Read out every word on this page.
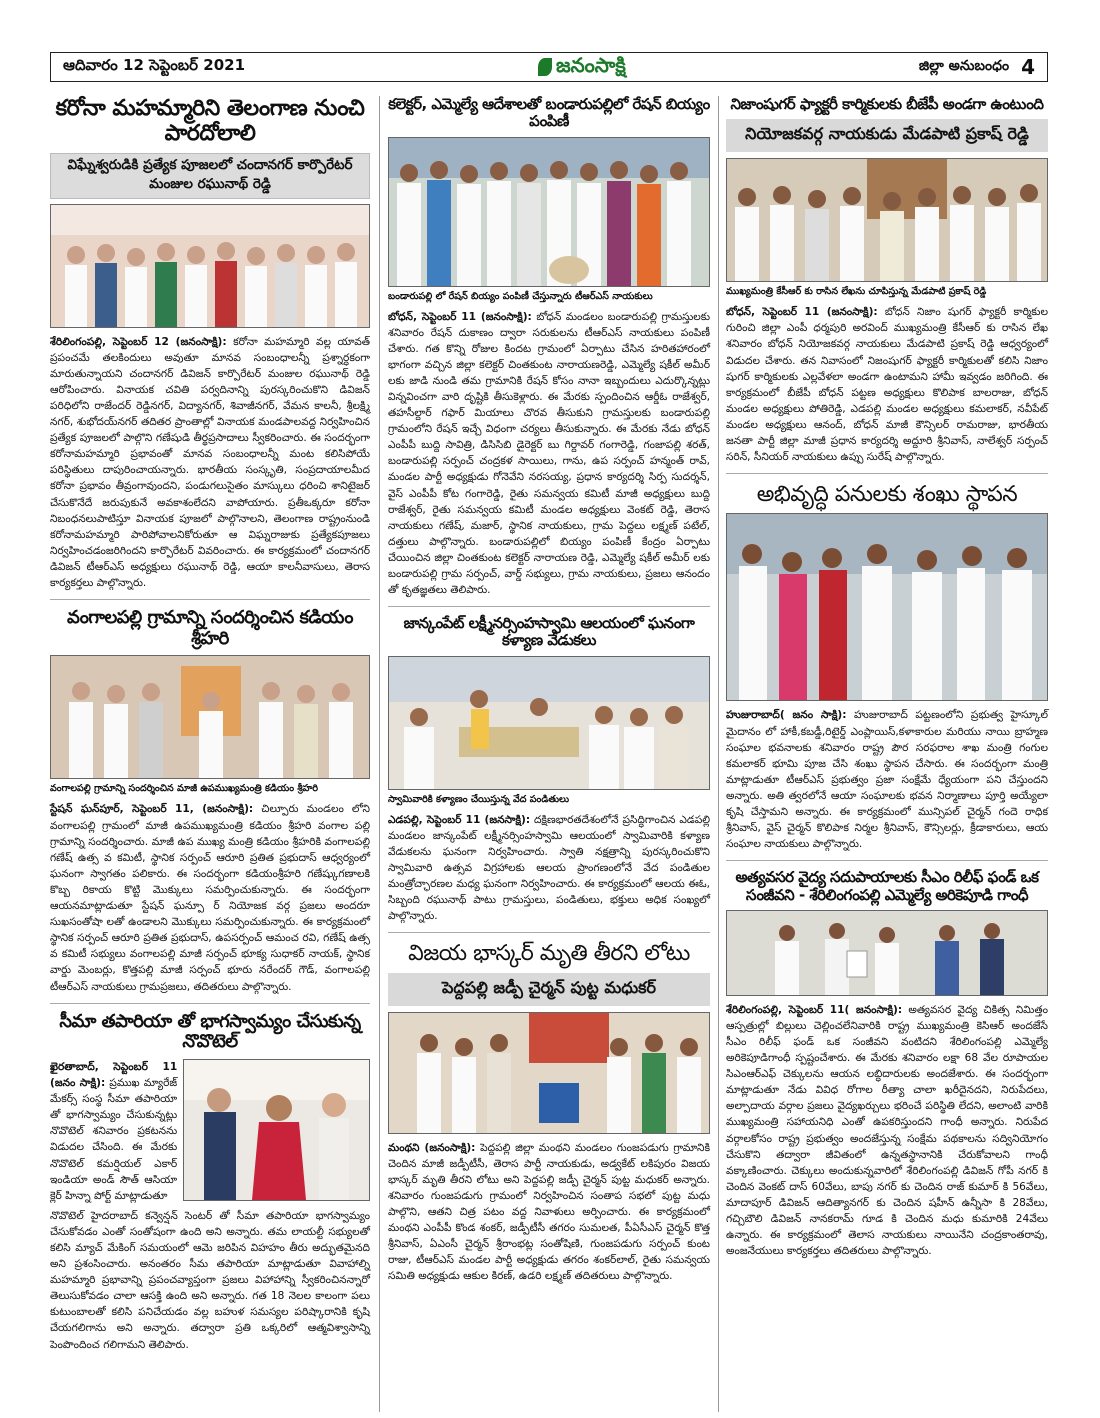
ఆదివారం 12 సెప్టెంబర్ 2021	జనంసాక్షి	జిల్లా అనుబంధం 4
కరోనా మహమ్మారిని తెలంగాణ నుంచి పారదోలాలి
విఘ్నేశ్వరుడికి ప్రత్యేక పూజలలో చందానగర్ కార్పొరేటర్ మంజుల రఘునాథ్ రెడ్డి

శేరిలింగంపల్లి, సెప్టెంబర్ 12 (జనంసాక్షి): కరోనా మహమ్మారి వల్ల యావత్ ప్రపంచమే తలకిందులు అవుతూ మానవ సంబంధాలన్నీ ప్రశ్నార్ధకంగా మారుతున్నాయని చందానగర్ డివిజన్ కార్పొరేటర్ మంజుల రఘునాథ్ రెడ్డి ఆరోపించారు. వినాయక చవితి పర్వదినాన్ని పురస్కరించుకొని డివిజన్ పరిధిలోని రాజేందర్ రెడ్డినగర్, విద్యానగర్, శివాజీనగర్, వేమన కాలనీ, శ్రీలక్ష్మి నగర్, శుభోదయ్‌నగర్ తదితర ప్రాంతాల్లో వినాయక మండపాలవద్ద నిర్వహించిన ప్రత్యేక పూజలలో పాల్గొని గణేషుడి తీర్థప్రసాదాలు స్వీకరించారు. ఈ సందర్భంగా కరోనామహమ్మారి ప్రభావంతో మానవ సంబంధాలన్నీ మంట కలిసిపోయే పరిస్థితులు దాపురించాయన్నారు. భారతీయ సంస్కృతి, సంప్రదాయాలమీద కరోనా ప్రభావం తీవ్రంగావుందని, పండుగలుసైతం మాస్కులు ధరించి శానిటైజర్ చేసుకొనేదే జరుపుకునే అవకాశంలేదని వాపోయారు. ప్రతీఒక్కరూ కరోనా నిబంధనలుపాటిస్తూ వినాయక పూజలో పాల్గొనాలని, తెలంగాణ రాష్ట్రంనుండి కరోనామహమ్మారి పారిపోవాలనికోరుతూ ఆ విఘ్నరాజుకు ప్రత్యేకపూజలు నిర్వహించడంజరిగిందని కార్పొరేటర్ వివరించారు. ఈ కార్యక్రమంలో చందానగర్ డివిజన్ టీఆర్ఎస్ అధ్యక్షులు రఘునాథ్ రెడ్డి, ఆయా కాలనీవాసులు, తెరాస కార్యకర్తలు పాల్గొన్నారు.

వంగాలపల్లి గ్రామాన్ని సందర్శించిన కడియం శ్రీహరి
వంగాలపల్లి గ్రామాన్ని సందర్శించిన మాజీ ఉపముఖ్యమంత్రి కడియం శ్రీహరి

స్టేషన్ ఘన్‌పూర్, సెప్టెంబర్ 11, (జనంసాక్షి): చిల్పూరు మండలం లోని వంగాలపల్లి గ్రామంలో మాజీ ఉపముఖ్యమంత్రి కడియం శ్రీహరి వంగాల పల్లి గ్రామాన్ని సందర్శించారు. మాజీ ఉప ముఖ్య మంత్రి కడియం శ్రీహరికి వంగాలపల్లి గణేష్ ఉత్స వ కమిటీ, స్థానిక సర్పంచ్ ఆరూరి ప్రతిత ప్రభుదాస్ ఆధ్వర్యంలో ఘనంగా స్వాగతం పలికారు. ఈ సందర్భంగా కడియంశ్రీహరి గణేష్కుగణాలకి కొబ్బ రికాయ కొట్టి మొక్కులు సమర్పించుకున్నారు. ఈ సందర్భంగా ఆయనమాట్లాడుతూ స్టేషన్ ఘన్పూ ర్ నియోజక వర్గ ప్రజలు అందరూ సుఖసంతోషా లతో ఉండాలని మొక్కులు సమర్పించుకున్నారు. ఈ కార్యక్రమంలో స్థానిక సర్పంచ్ ఆరూరి ప్రతిత ప్రభుదాస్, ఉపసర్పంచ్ ఆమంచ రవి, గణేష్ ఉత్స వ కమిటీ సభ్యులు వంగాలపల్లి మాజీ సర్పంచ్ భూక్య సుధాకర్ నాయక్, స్థానిక వార్డు మెంబర్లు, కొత్తపల్లి మాజీ సర్పంచ్ భూరు నరేందర్ గౌడ్, వంగాలపల్లి టీఆర్ఎస్ నాయకులు గ్రామప్రజలు, తదితరులు పాల్గొన్నారు.

సీమా తపారియా తో భాగస్వామ్యం చేసుకున్న నొవొటెల్

ఖైరతాబాద్, సెప్టెంబర్ 11 (జనం సాక్షి): ప్రముఖ మ్యారేజ్ మేకర్స్ సంస్థ సీమా తపారియా తో భాగస్వామ్యం చేసుకున్నట్లు నొవొటెల్ శనివారం ప్రకటనను విడుదల చేసింది. ఈ మేరకు నొవొటెల్ కమర్షియల్ ఎకార్ ఇండియా అండ్ సౌత్ ఆసియా క్లెర్ హిన్నా పోర్ట్ మాట్లాడుతూ

నొవొటెల్ హైదరాబాద్ కన్వెన్షన్ సెంటర్ తో సీమా తపారియా భాగస్వామ్యం చేసుకోవడం ఎంతో సంతోషంగా ఉంది అని అన్నారు. తమ లాయల్టీ సభ్యులతో కలిసి మ్యాచ్ మేకింగ్ సమయంలో ఆమె జరిపిన విహహం తీరు అద్భుతమైనది అని ప్రశంసించారు. అనంతరం సీమ తపారియా మాట్లాడుతూ వివాహాల్ని మహమ్మారి ప్రభావాన్ని ప్రపంచవ్యాప్తంగా ప్రజలు విహాహాన్ని స్వీకరించినన్నారో తెలుసుకోవడం చాలా ఆసక్తి ఉంది అని అన్నారు. గత 18 నెలల కాలంగా పలు కుటుంబాలతో కలిసి పనిచేయడం వల్ల బహుళ సమస్యల పరిష్కారానికి కృషి చేయగలిగాను అని అన్నారు. తద్వారా ప్రతి ఒక్కరిలో ఆత్మవిశ్వాసాన్ని పెంపొందించ గలిగామని తెలిపారు.

కలెక్టర్, ఎమ్మెల్యే ఆదేశాలతో బండారుపల్లిలో రేషన్ బియ్యం పంపిణీ
బండారుపల్లి లో రేషన్ బియ్యం పంపిణీ చేస్తున్నారు టీఆర్ఎస్ నాయకులు

బోధన్, సెప్టెంబర్ 11 (జనంసాక్షి): బోధన్ మండలం బండారుపల్లి గ్రామస్తులకు శనివారం రేషన్ దుకాణం ద్వారా సరుకులను టీఆర్ఎస్ నాయకులు పంపిణీ చేశారు. గత కొన్ని రోజుల కిందట గ్రామంలో ఏర్పాటు చేసిన హరితహారంలో భాగంగా వచ్చిన జిల్లా కలెక్టర్ చింతకుంట నారాయణరెడ్డి, ఎమ్మెల్యే షకీల్ అమీర్ లకు జాడి నుండి తమ గ్రామానికి రేషన్ కోసం నానా ఇబ్బందులు ఎదుర్కొన్నట్లు విన్నవించగా వారి దృష్టికి తీసుకెళ్లారు. ఈ మేరకు స్పందించిన ఆర్డీఓ రాజేశ్వర్, తహసీల్దార్ గఫార్ మియాలు చొరవ తీసుకుని గ్రామస్తులకు బండారుపల్లి గ్రామంలోని రేషన్ ఇచ్చే విధంగా చర్యలు తీసుకున్నారు. ఈ మేరకు నేడు బోధన్ ఎంపీపీ బుద్ది సావిత్రి, డిసిసిబి డైరెక్టర్ బు గిర్దావర్ గంగారెడ్డి, గంజాపల్లి శరత్, బండారుపల్లి సర్పంచ్ చంద్రకళ సాయిలు, గాను, ఉప సర్పంచ్ హన్మంత్ రావ్, మండల పార్టీ అధ్యక్షుడు గోనెవేని నరసయ్య, ప్రధాన కార్యదర్శి సిర్ప సుదర్శన్, వైస్ ఎంపీపీ కోట గంగారెడ్డి, రైతు సమన్వయ కమిటీ మాజీ అధ్యక్షులు బుద్ది రాజేశ్వర్, రైతు సమన్వయ కమిటీ మండల అధ్యక్షులు వెంకట్ రెడ్డి, తెరాస నాయకులు గణేష్, మజార్, స్థానిక నాయకులు, గ్రామ పెద్దలు లక్ష్మణ్ పటేల్, దత్తులు పాల్గొన్నారు. బండారుపల్లిలో బియ్యం పంపిణీ కేంద్రం ఏర్పాటు చేయించిన జిల్లా చింతకుంట కలెక్టర్ నారాయణ రెడ్డి, ఎమ్మెల్యే షకీల్ అమీర్ లకు బండారుపల్లి గ్రామ సర్పంచ్, వార్డ్ సభ్యులు, గ్రామ నాయకులు, ప్రజలు ఆనందం తో కృతజ్ఞతలు తెలిపారు.

జాన్కంపేట్ లక్ష్మీనర్సింహస్వామి ఆలయంలో ఘనంగా కళ్యాణ వేడుకలు
స్వామివారికి కళ్యాణం చేయిస్తున్న వేద పండితులు

ఎడపల్లి, సెప్టెంబర్ 11 (జనసాక్షి): దక్షిణభారతదేశంలోనే ప్రసిద్ధిగాంచిన ఎడపల్లి మండలం జాన్కంపేట్ లక్ష్మీనర్సింహస్వామి ఆలయంలో స్వామివారికి కళ్యాణ వేడుకలను ఘనంగా నిర్వహించారు. స్వాతి నక్షత్రాన్ని పురస్కరించుకొని స్వామివారి ఉత్సవ విగ్రహాలకు ఆలయ ప్రాంగణంలోనే వేద పండితుల మంత్రోచ్ఛారణల మధ్య ఘనంగా నిర్వహించారు. ఈ కార్యక్రమంలో ఆలయ ఈఓ, సిబ్బంది రఘునాథ్ పాటు గ్రామస్తులు, పండితులు, భక్తులు అధిక సంఖ్యలో పాల్గొన్నారు.

విజయ భాస్కర్ మృతి తీరని లోటు
పెద్దపల్లి జడ్పీ చైర్మన్ పుట్ట మధుకర్

మంథని (జనంసాక్షి): పెద్దపల్లి జిల్లా మంథని మండలం గుంజపడుగు గ్రామానికి చెందిన మాజీ జడ్పీటీసీ, తెరాస పార్టీ నాయకుడు, అడ్వకేట్ లకిపురం విజయ భాస్కర్ మృతి తీరని లోటు అని పెద్దపల్లి జడ్పీ చైర్మన్ పుట్ట మధుకర్ అన్నారు. శనివారం గుంజపడుగు గ్రామంలో నిర్వహించిన సంతాప సభలో పుట్ట మధు పాల్గొని, ఆతని చిత్ర పటం వద్ద నివాళులు అర్పించారు. ఈ కార్యక్రమంలో మంథని ఎంపీపీ కొండ శంకర్, జడ్పీటీసీ తగరం సుమలత, పీఏసీఎస్ చైర్మన్ కొత్త శ్రీనివాస్, ఏఎంసీ చైర్మన్ శ్రీరాంభట్ల సంతోషిణి, గుంజపడుగు సర్పంచ్ కుంట రాజు, టీఆర్ఎస్ మండల పార్టీ అధ్యక్షుడు తగరం శంకర్‌లాల్, రైతు సమన్వయ సమితి అధ్యక్షుడు ఆకుల కిరణ్, ఉడరి లక్ష్మణ్ తదితరులు పాల్గొన్నారు.

నిజాంషుగర్ ఫ్యాక్టరీ కార్మికులకు బీజేపీ అండగా ఉంటుంది
నియోజకవర్గ నాయకుడు మేడపాటి ప్రకాష్ రెడ్డి
ముఖ్యమంత్రి కేసీఆర్ కు రాసిన లేఖను చూపిస్తున్న మేడపాటి ప్రకాష్ రెడ్డి

బోధన్, సెప్టెంబర్ 11 (జనంసాక్షి): బోధన్ నిజాం షుగర్ ఫ్యాక్టరీ కార్మికుల గురించి జిల్లా ఎంపీ ధర్మపురి అరవింద్ ముఖ్యమంత్రి కేసీఆర్ కు రాసిన లేఖ శనివారం బోధన్ నియోజకవర్గ నాయకులు మేడపాటి ప్రకాష్ రెడ్డి ఆధ్వర్యంలో విడుదల చేశారు. తన నివాసంలో నిజంషుగర్ ఫ్యాక్టరీ కార్మికులతో కలిసి నిజాం షుగర్ కార్మికులకు ఎల్లవేళలా అండగా ఉంటామని హామీ ఇవ్వడం జరిగింది. ఈ కార్యక్రమంలో బీజేపీ బోధన్ పట్టణ అధ్యక్షులు కొలిపాక బాలరాజు, బోధన్ మండల అధ్యక్షులు పోతిరెడ్డి, ఎడపల్లి మండల అధ్యక్షులు కమలాకర్, నవీపేట్ మండల అధ్యక్షులు ఆనంద్, బోధన్ మాజీ కౌన్సిలర్ రామరాజు, భారతీయ జనతా పార్టీ జిల్లా మాజీ ప్రధాన కార్యదర్శి అద్దూరి శ్రీనివాస్, నాలేశ్వర్ సర్పంచ్ సరిన్, సీనియర్ నాయకులు ఉప్పు సురేష్ పాల్గొన్నారు.

అభివృద్ధి పనులకు శంఖు స్థాపన

హుజురాబాద్( జనం సాక్షి): హుజురాబాద్ పట్టణంలోని ప్రభుత్వ హైస్కూల్ మైదానం లో హాకీ,కబడ్డీ,రిటైర్డ్ ఎంప్లాయిస్,కళాకారుల మరియు నాయి బ్రాహ్మణ సంఘాల భవనాలకు శనివారం రాష్ట్ర పౌర సరఫరాల శాఖ మంత్రి గంగుల కమలాకర్ భూమి పూజ చేసి శంఖు స్థాపన చేసారు. ఈ సందర్భంగా మంత్రి మాట్లాడుతూ టీఆర్ఎస్ ప్రభుత్వం ప్రజా సంక్షేమే ధ్యేయంగా పని చేస్తుందని అన్నారు. అతి త్వరలోనే ఆయా సంఘాలకు భవన నిర్మాణాలు పూర్తి అయ్యేలా కృషి చేస్తామని అన్నారు. ఈ కార్యక్రమంలో మున్సిపల్ చైర్మన్ గందె రాధిక శ్రీనివాస్, వైస్ చైర్మన్ కొలిపాక నిర్మల శ్రీనివాస్, కౌన్సిలర్లు, క్రీడాకారులు, ఆయ సంఘాల నాయకులు పాల్గొన్నారు.

అత్యవసర వైద్య సదుపాయాలకు సీఎం రిలీఫ్ ఫండ్ ఒక సంజీవని - శేరిలింగంపల్లి ఎమ్మెల్యే అరికెపూడి గాంధీ

శేరిలింగంపల్లి, సెప్టెంబర్ 11( జనంసాక్షి): అత్యవసర వైద్య చికిత్స నిమిత్తం ఆస్పత్రుల్లో బిల్లులు చెల్లించలేనివారికి రాష్ట్ర ముఖ్యమంత్రి కెసిఆర్ అందజేసే సీఎం రిలీఫ్ ఫండ్ ఒక సంజీవని వంటిదని శేరిలింగంపల్లి ఎమ్మెల్యే అరికెపూడిగాంధీ స్పష్టంచేశారు. ఈ మేరకు శనివారం లక్షా 68 వేల రూపాయల సిఎంఆర్ఎఫ్ చెక్కులను ఆయన లబ్ధిదారులకు అందజేశారు. ఈ సందర్భంగా మాట్లాడుతూ నేడు వివిధ రోగాల రీత్యా చాలా ఖరీదైనదని, నిరుపేదలు, అల్పాదాయ వర్గాల ప్రజలు వైద్యఖర్చులు భరించే పరిస్థితి లేదని, అలాంటి వారికి ముఖ్యమంత్రి సహాయనిధి ఎంతో ఉపకరిస్తుందని గాంధీ అన్నారు. నిరుపేద వర్గాలకోసం రాష్ట్ర ప్రభుత్వం అందజేస్తున్న సంక్షేమ పథకాలను సద్వినియోగం చేసుకొని తద్వారా జీవితంలో ఉన్నతస్థానానికి చేరుకోవాలని గాంధీ వక్కాణించారు. చెక్కులు అందుకున్నవారిలో శేరిలింగంపల్లి డివిజన్ గోపీ నగర్ కి చెందిన వెంకట్ దాస్ 60వేలు, బాపు నగర్ కు చెందిన రాజ్ కుమార్ కి 56వేలు, మాదాపూర్ డివిజన్ ఆదిత్యానగర్ కు చెందిన షహీన్ ఉన్నీసా కి 28వేలు, గచ్చిబౌలి డివిజన్ నానకరామ్ గూడ కి చెందిన మధు కుమారికి 24వేలు ఉన్నారు. ఈ కార్యక్రమంలో తెలాస నాయకులు నాయినేని చంద్రకాంతరావు, అంజనేయులు కార్యకర్తలు తదితరులు పాల్గొన్నారు.
